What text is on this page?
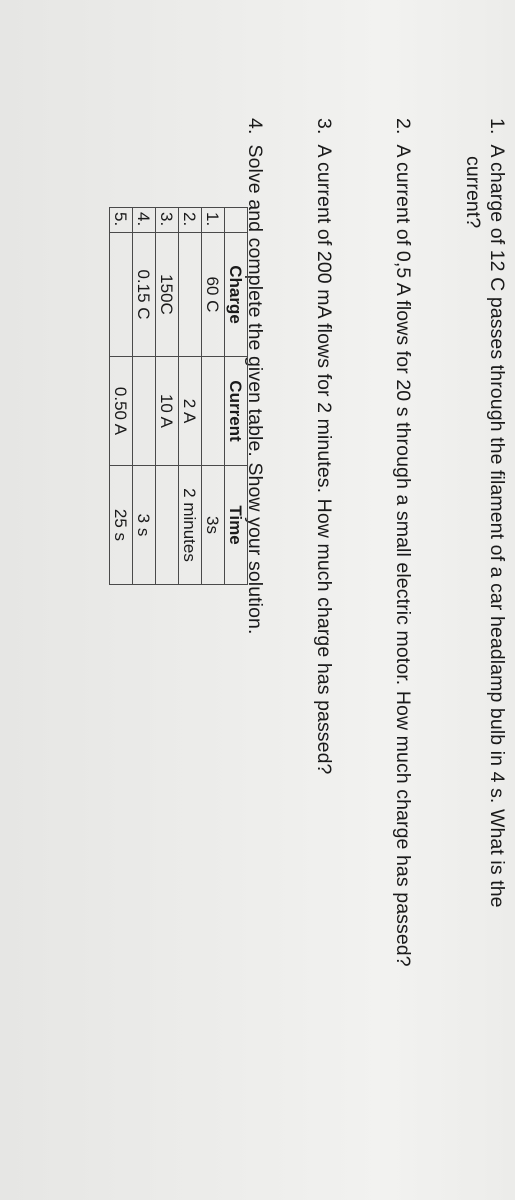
1.A charge of 12 C passes through the filament of a car headlamp bulb in 4 s. What is the
current?
2.A current of 0,5 A flows for 20 s through a small electric motor. How much charge has passed?
3.A current of 200 mA flows for 2 minutes. How much charge has passed?
4.Solve and complete the given table. Show your solution.
	Charge	Current	Time
1.	60 C		3s
2.		2 A	2 minutes
3.	150C	10 A	
4.	0.15 C		3 s
5.		0.50 A	25 s
